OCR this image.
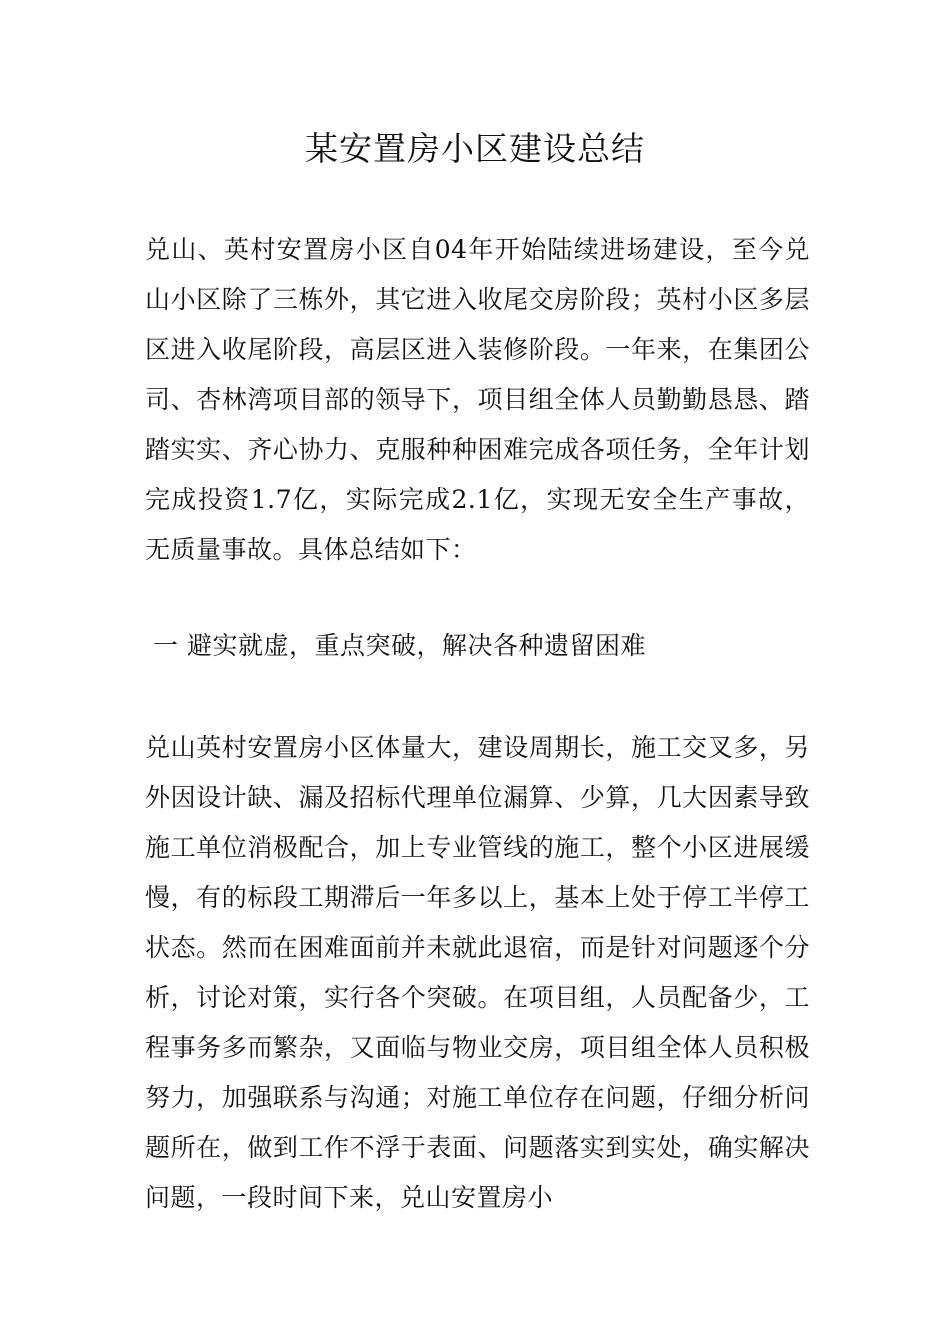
某安置房小区建设总结
兑山、英村安置房小区自04年开始陆续进场建设，至今兑山小区除了三栋外，其它进入收尾交房阶段；英村小区多层区进入收尾阶段，高层区进入装修阶段。一年来，在集团公司、杏林湾项目部的领导下，项目组全体人员勤勤恳恳、踏踏实实、齐心协力、克服种种困难完成各项任务，全年计划完成投资1.7亿，实际完成2.1亿，实现无安全生产事故，无质量事故。具体总结如下：
一 避实就虚，重点突破，解决各种遗留困难
兑山英村安置房小区体量大，建设周期长，施工交叉多，另外因设计缺、漏及招标代理单位漏算、少算，几大因素导致施工单位消极配合，加上专业管线的施工，整个小区进展缓慢，有的标段工期滞后一年多以上，基本上处于停工半停工状态。然而在困难面前并未就此退宿，而是针对问题逐个分析，讨论对策，实行各个突破。在项目组，人员配备少，工程事务多而繁杂，又面临与物业交房，项目组全体人员积极努力，加强联系与沟通；对施工单位存在问题，仔细分析问题所在，做到工作不浮于表面、问题落实到实处，确实解决问题，一段时间下来，兑山安置房小
